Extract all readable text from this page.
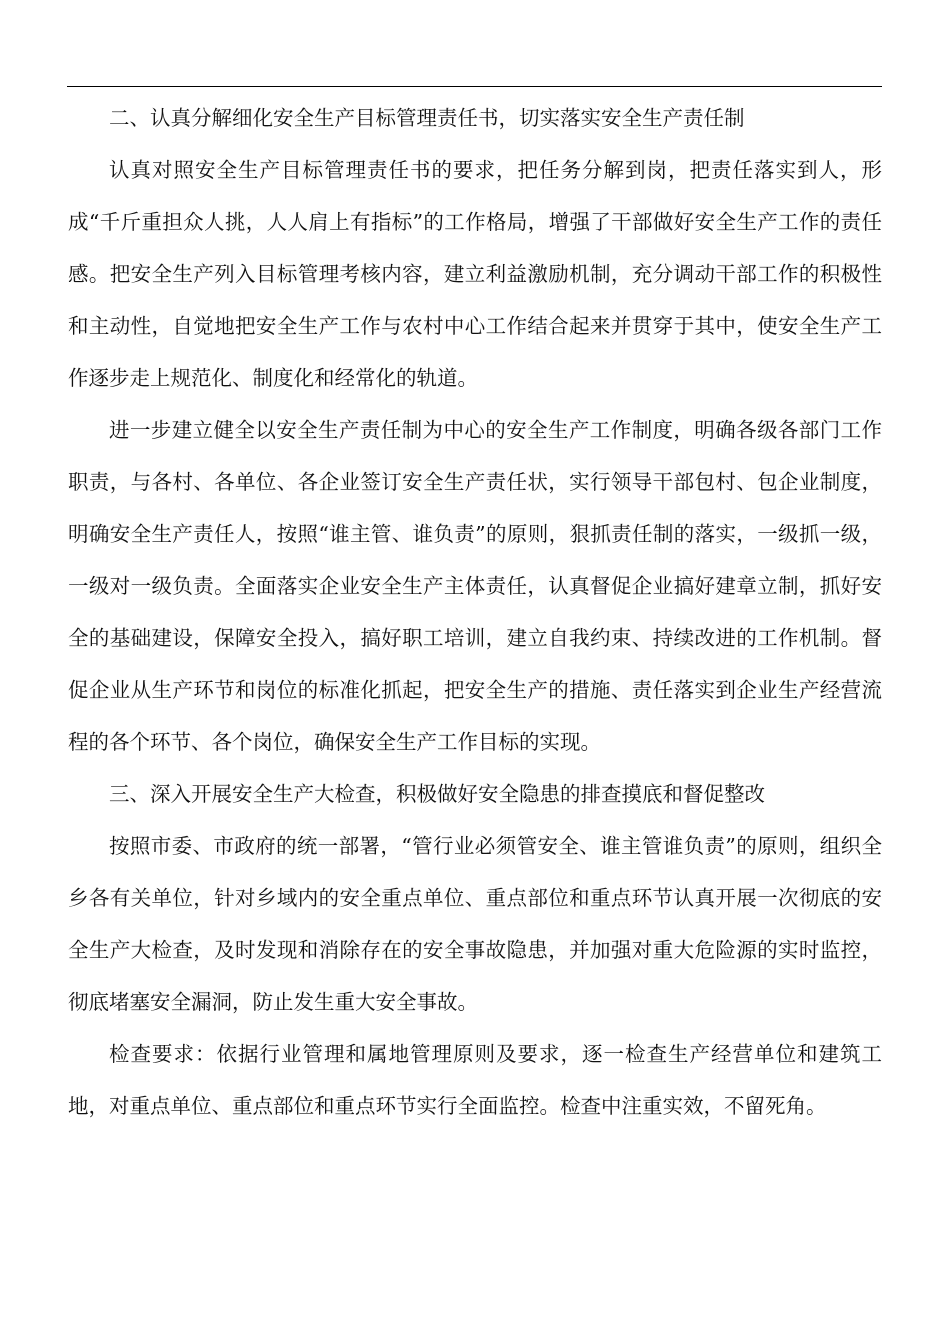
二、认真分解细化安全生产目标管理责任书，切实落实安全生产责任制

认真对照安全生产目标管理责任书的要求，把任务分解到岗，把责任落实到人，形成“千斤重担众人挑，人人肩上有指标”的工作格局，增强了干部做好安全生产工作的责任感。把安全生产列入目标管理考核内容，建立利益激励机制，充分调动干部工作的积极性和主动性，自觉地把安全生产工作与农村中心工作结合起来并贯穿于其中，使安全生产工作逐步走上规范化、制度化和经常化的轨道。

进一步建立健全以安全生产责任制为中心的安全生产工作制度，明确各级各部门工作职责，与各村、各单位、各企业签订安全生产责任状，实行领导干部包村、包企业制度，明确安全生产责任人，按照“谁主管、谁负责”的原则，狠抓责任制的落实，一级抓一级，一级对一级负责。全面落实企业安全生产主体责任，认真督促企业搞好建章立制，抓好安全的基础建设，保障安全投入，搞好职工培训，建立自我约束、持续改进的工作机制。督促企业从生产环节和岗位的标准化抓起，把安全生产的措施、责任落实到企业生产经营流程的各个环节、各个岗位，确保安全生产工作目标的实现。

三、深入开展安全生产大检查，积极做好安全隐患的排查摸底和督促整改

按照市委、市政府的统一部署，“管行业必须管安全、谁主管谁负责”的原则，组织全乡各有关单位，针对乡域内的安全重点单位、重点部位和重点环节认真开展一次彻底的安全生产大检查，及时发现和消除存在的安全事故隐患，并加强对重大危险源的实时监控，彻底堵塞安全漏洞，防止发生重大安全事故。

检查要求：依据行业管理和属地管理原则及要求，逐一检查生产经营单位和建筑工地，对重点单位、重点部位和重点环节实行全面监控。检查中注重实效，不留死角。
